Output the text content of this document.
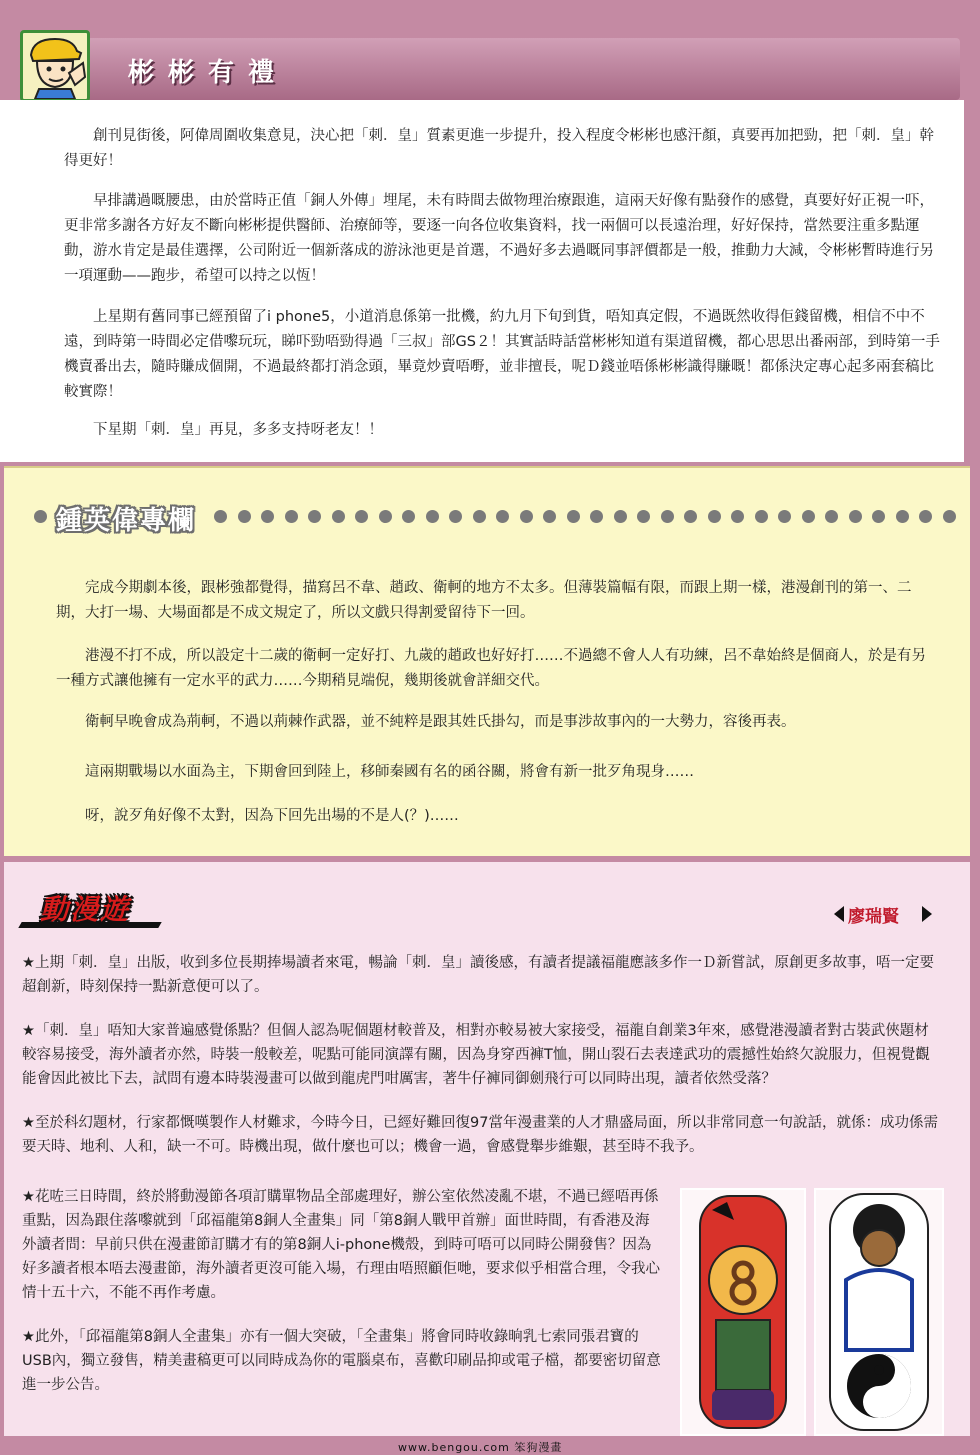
彬彬有禮

創刊見街後，阿偉周圍收集意見，決心把「刺．皇」質素更進一步提升，投入程度令彬彬也感汗顏，真要再加把勁，把「刺．皇」幹得更好！

早排講過嘅腰患，由於當時正值「銅人外傳」埋尾，未有時間去做物理治療跟進，這兩天好像有點發作的感覺，真要好好正視一吓，更非常多謝各方好友不斷向彬彬提供醫師、治療師等，要逐一向各位收集資料，找一兩個可以長遠治理，好好保持，當然要注重多點運動，游水肯定是最佳選擇，公司附近一個新落成的游泳池更是首選，不過好多去過嘅同事評價都是一般，推動力大減，令彬彬暫時進行另一項運動——跑步，希望可以持之以恆！

上星期有舊同事已經預留了i phone5，小道消息係第一批機，約九月下旬到貨，唔知真定假，不過既然收得佢錢留機，相信不中不遠，到時第一時間必定借嚟玩玩，睇吓勁唔勁得過「三叔」部GS２！其實話時話當彬彬知道有渠道留機，都心思思出番兩部，到時第一手機賣番出去，隨時賺成個開，不過最終都打消念頭，畢竟炒賣唔嘢，並非擅長，呢Ｄ錢並唔係彬彬識得賺嘅！都係決定專心起多兩套稿比較實際！

下星期「刺．皇」再見，多多支持呀老友！！

鍾英偉專欄

完成今期劇本後，跟彬強都覺得，描寫呂不韋、趙政、衛軻的地方不太多。但薄裝篇幅有限，而跟上期一樣，港漫創刊的第一、二期，大打一場、大場面都是不成文規定了，所以文戲只得割愛留待下一回。

港漫不打不成，所以設定十二歲的衛軻一定好打、九歲的趙政也好好打……不過總不會人人有功練，呂不韋始終是個商人，於是有另一種方式讓他擁有一定水平的武力……今期稍見端倪，幾期後就會詳細交代。

衛軻早晚會成為荊軻，不過以荊棘作武器，並不純粹是跟其姓氏掛勾，而是事涉故事內的一大勢力，容後再表。

這兩期戰場以水面為主，下期會回到陸上，移師秦國有名的函谷關，將會有新一批歹角現身……

呀，說歹角好像不太對，因為下回先出場的不是人(？)……

動漫遊	廖瑞賢

★上期「刺．皇」出版，收到多位長期捧場讀者來電，暢論「刺．皇」讀後感，有讀者提議福龍應該多作一Ｄ新嘗試，原創更多故事，唔一定要超創新，時刻保持一點新意便可以了。

★「刺．皇」唔知大家普遍感覺係點？但個人認為呢個題材較普及，相對亦較易被大家接受，福龍自創業3年來，感覺港漫讀者對古裝武俠題材較容易接受，海外讀者亦然，時裝一般較差，呢點可能同演譯有關，因為身穿西褲T恤，開山裂石去表達武功的震撼性始終欠說服力，但視覺觀能會因此被比下去，試問有邊本時裝漫畫可以做到龍虎門咁厲害，著牛仔褲同御劍飛行可以同時出現，讀者依然受落？

★至於科幻題材，行家都慨嘆製作人材難求，今時今日，已經好難回復97當年漫畫業的人才鼎盛局面，所以非常同意一句說話，就係：成功係需要天時、地利、人和，缺一不可。時機出現，做什麼也可以；機會一過，會感覺舉步維艱，甚至時不我予。

★花咗三日時間，終於將動漫節各項訂購單物品全部處理好，辦公室依然凌亂不堪，不過已經唔再係重點，因為跟住落嚟就到「邱福龍第8銅人全畫集」同「第8銅人戰甲首辦」面世時間，有香港及海外讀者問：早前只供在漫畫節訂購才有的第8銅人i-phone機殼，到時可唔可以同時公開發售？因為好多讀者根本唔去漫畫節，海外讀者更沒可能入場，冇理由唔照顧佢哋，要求似乎相當合理，令我心情十五十六，不能不再作考慮。

★此外，「邱福龍第8銅人全畫集」亦有一個大突破，「全畫集」將會同時收錄晌乳七索同張君寶的USB內，獨立發售，精美畫稿更可以同時成為你的電腦桌布，喜歡印刷品抑或電子檔，都要密切留意進一步公告。

www.bengou.com 笨狗漫畫
